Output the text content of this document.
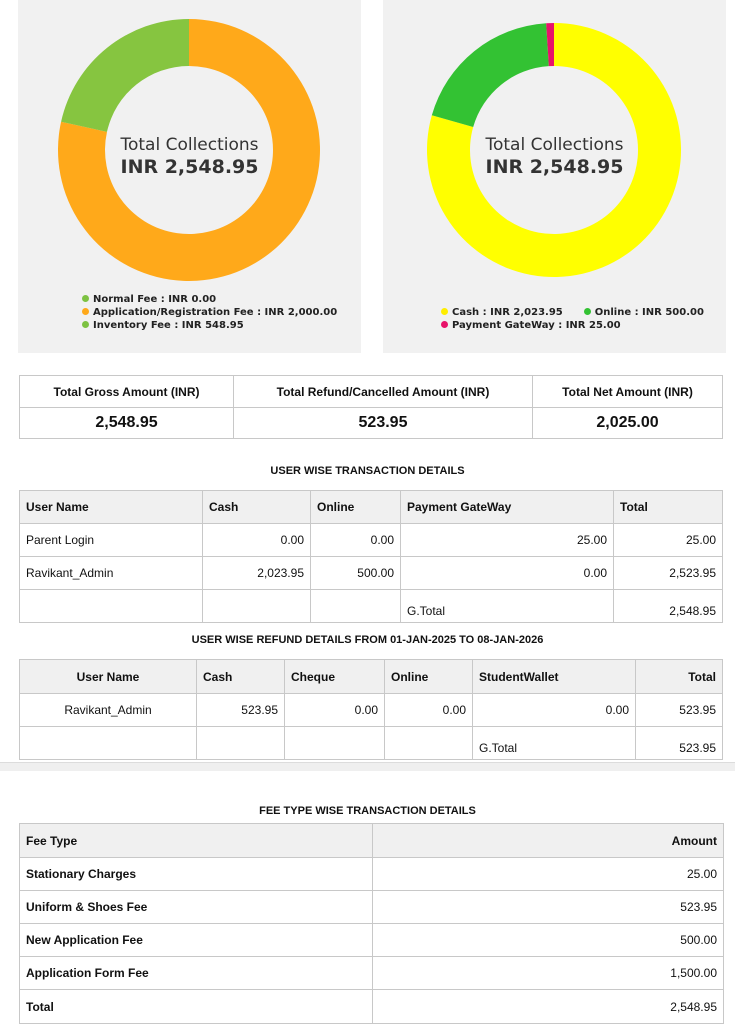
Total Collections
INR 2,548.95
Normal Fee : INR 0.00
Application/Registration Fee : INR 2,000.00
Inventory Fee : INR 548.95
Total Collections
INR 2,548.95
Cash : INR 2,023.95	Online : INR 500.00
Payment GateWay : INR 25.00
Total Gross Amount (INR)	Total Refund/Cancelled Amount (INR)	Total Net Amount (INR)
2,548.95	523.95	2,025.00
USER WISE TRANSACTION DETAILS
User Name	Cash	Online	Payment GateWay	Total
Parent Login	0.00	0.00	25.00	25.00
Ravikant_Admin	2,023.95	500.00	0.00	2,523.95
			G.Total	2,548.95
USER WISE REFUND DETAILS FROM 01-JAN-2025 TO 08-JAN-2026
User Name	Cash	Cheque	Online	StudentWallet	Total
Ravikant_Admin	523.95	0.00	0.00	0.00	523.95
				G.Total	523.95
FEE TYPE WISE TRANSACTION DETAILS
Fee Type	Amount
Stationary Charges	25.00
Uniform & Shoes Fee	523.95
New Application Fee	500.00
Application Form Fee	1,500.00
Total	2,548.95
